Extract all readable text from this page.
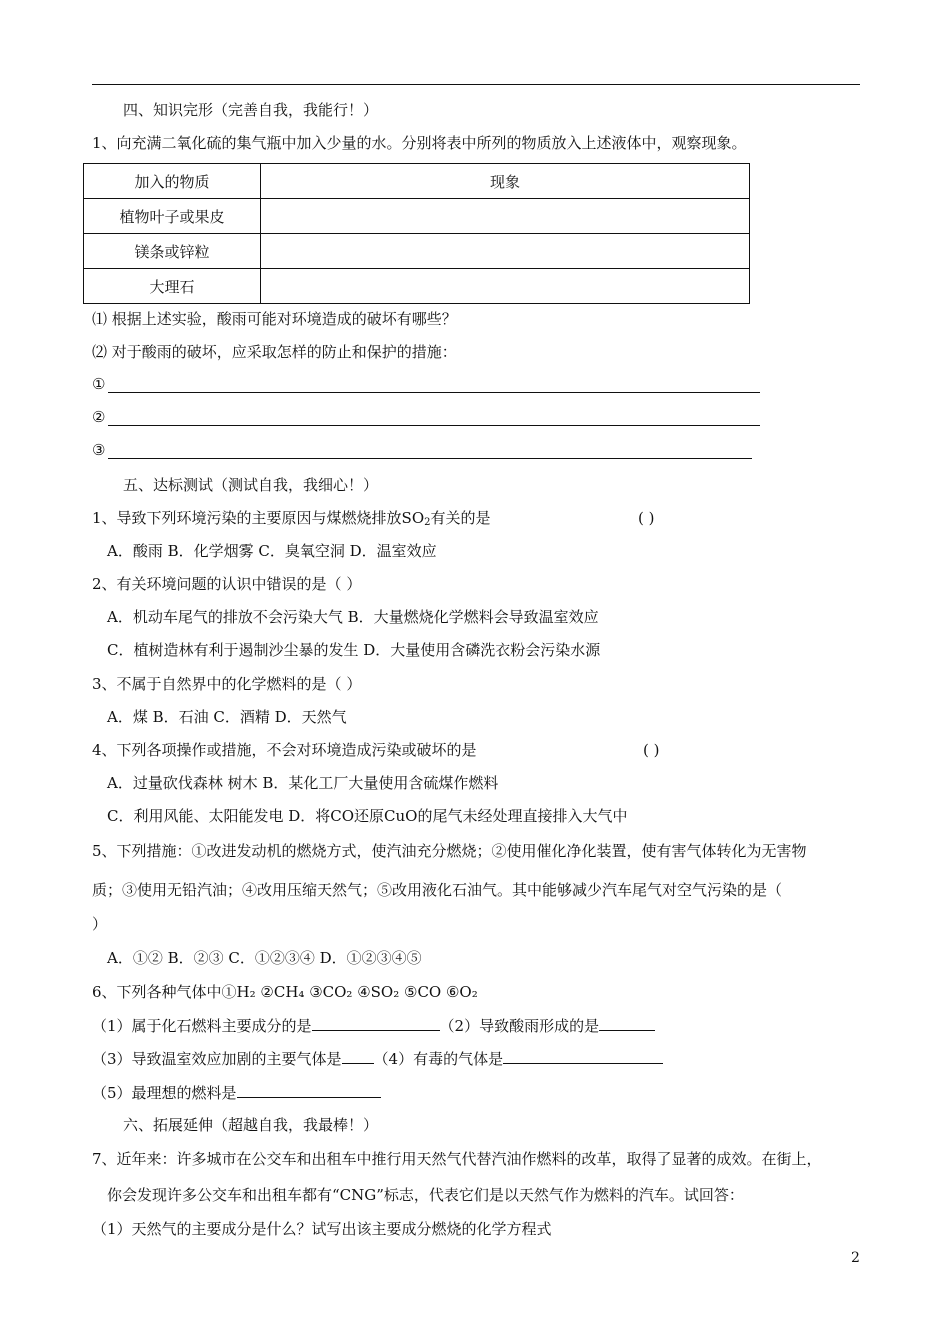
四、知识完形（完善自我，我能行！）
1、向充满二氧化硫的集气瓶中加入少量的水。分别将表中所列的物质放入上述液体中，观察现象。
加入的物质	现象
植物叶子或果皮	
镁条或锌粒	
大理石	
⑴ 根据上述实验，酸雨可能对环境造成的破坏有哪些？
⑵ 对于酸雨的破坏，应采取怎样的防止和保护的措施：
①
②
③
五、达标测试（测试自我，我细心！）
1、导致下列环境污染的主要原因与煤燃烧排放$SO_2$有关的是	( )
A．酸雨 B．化学烟雾 C．臭氧空洞 D．温室效应
2、有关环境问题的认识中错误的是（ ）
A．机动车尾气的排放不会污染大气 B．大量燃烧化学燃料会导致温室效应
C．植树造林有利于遏制沙尘暴的发生 D．大量使用含磷洗衣粉会污染水源
3、不属于自然界中的化学燃料的是（ ）
A．煤 B．石油 C．酒精 D．天然气
4、下列各项操作或措施，不会对环境造成污染或破坏的是	( )
A．过量砍伐森林 树木 B．某化工厂大量使用含硫煤作燃料
C．利用风能、太阳能发电 D．将CO还原CuO的尾气未经处理直接排入大气中
5、下列措施：①改进发动机的燃烧方式，使汽油充分燃烧；②使用催化净化装置，使有害气体转化为无害物
质；③使用无铅汽油；④改用压缩天然气；⑤改用液化石油气。其中能够减少汽车尾气对空气污染的是（
）
A．①② B．②③ C．①②③④ D．①②③④⑤
6、下列各种气体中①H₂ ②CH₄ ③CO₂ ④SO₂ ⑤CO ⑥O₂
（1）属于化石燃料主要成分的是	（2）导致酸雨形成的是
（3）导致温室效应加剧的主要气体是 （4）有毒的气体是
（5）最理想的燃料是
六、拓展延伸（超越自我，我最棒！）
7、近年来：许多城市在公交车和出租车中推行用天然气代替汽油作燃料的改革，取得了显著的成效。在街上，
你会发现许多公交车和出租车都有“CNG”标志，代表它们是以天然气作为燃料的汽车。试回答：
（1）天然气的主要成分是什么？试写出该主要成分燃烧的化学方程式
2
